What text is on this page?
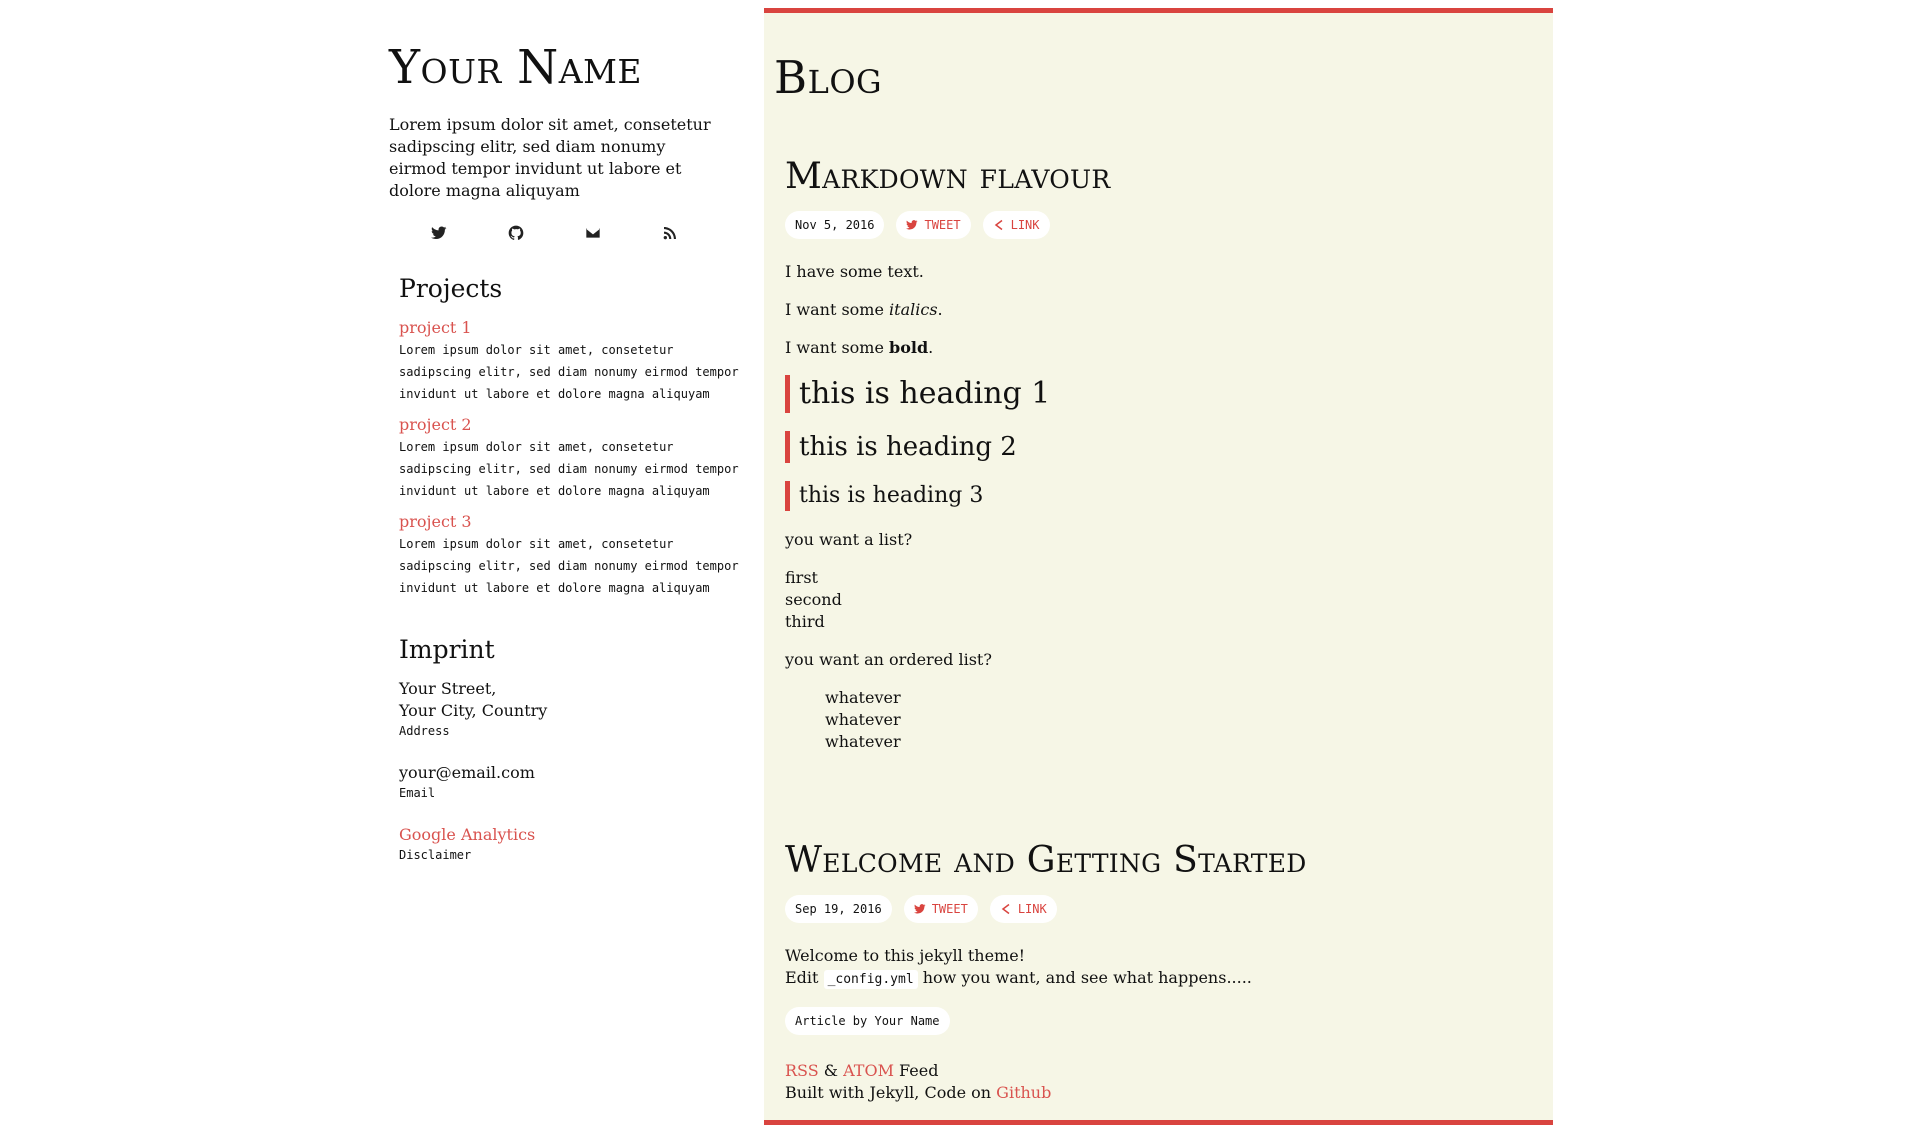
Your Name
Lorem ipsum dolor sit amet, consetetur sadipscing elitr, sed diam nonumy eirmod tempor invidunt ut labore et dolore magna aliquyam
Projects
project 1
Lorem ipsum dolor sit amet, consetetur sadipscing elitr, sed diam nonumy eirmod tempor invidunt ut labore et dolore magna aliquyam
project 2
Lorem ipsum dolor sit amet, consetetur sadipscing elitr, sed diam nonumy eirmod tempor invidunt ut labore et dolore magna aliquyam
project 3
Lorem ipsum dolor sit amet, consetetur sadipscing elitr, sed diam nonumy eirmod tempor invidunt ut labore et dolore magna aliquyam
Imprint
Your Street,
Your City, Country
Address
your@email.com
Email
Google Analytics
Disclaimer
Blog
Markdown flavour
Nov 5, 2016	TWEET	LINK
I have some text.
I want some italics.
I want some bold.
this is heading 1
this is heading 2
this is heading 3
you want a list?
first
second
third
you want an ordered list?
whatever
whatever
whatever
Welcome and Getting Started
Sep 19, 2016	TWEET	LINK
Welcome to this jekyll theme!
Edit _config.yml how you want, and see what happens.....
Article by Your Name
RSS & ATOM Feed
Built with Jekyll, Code on Github
